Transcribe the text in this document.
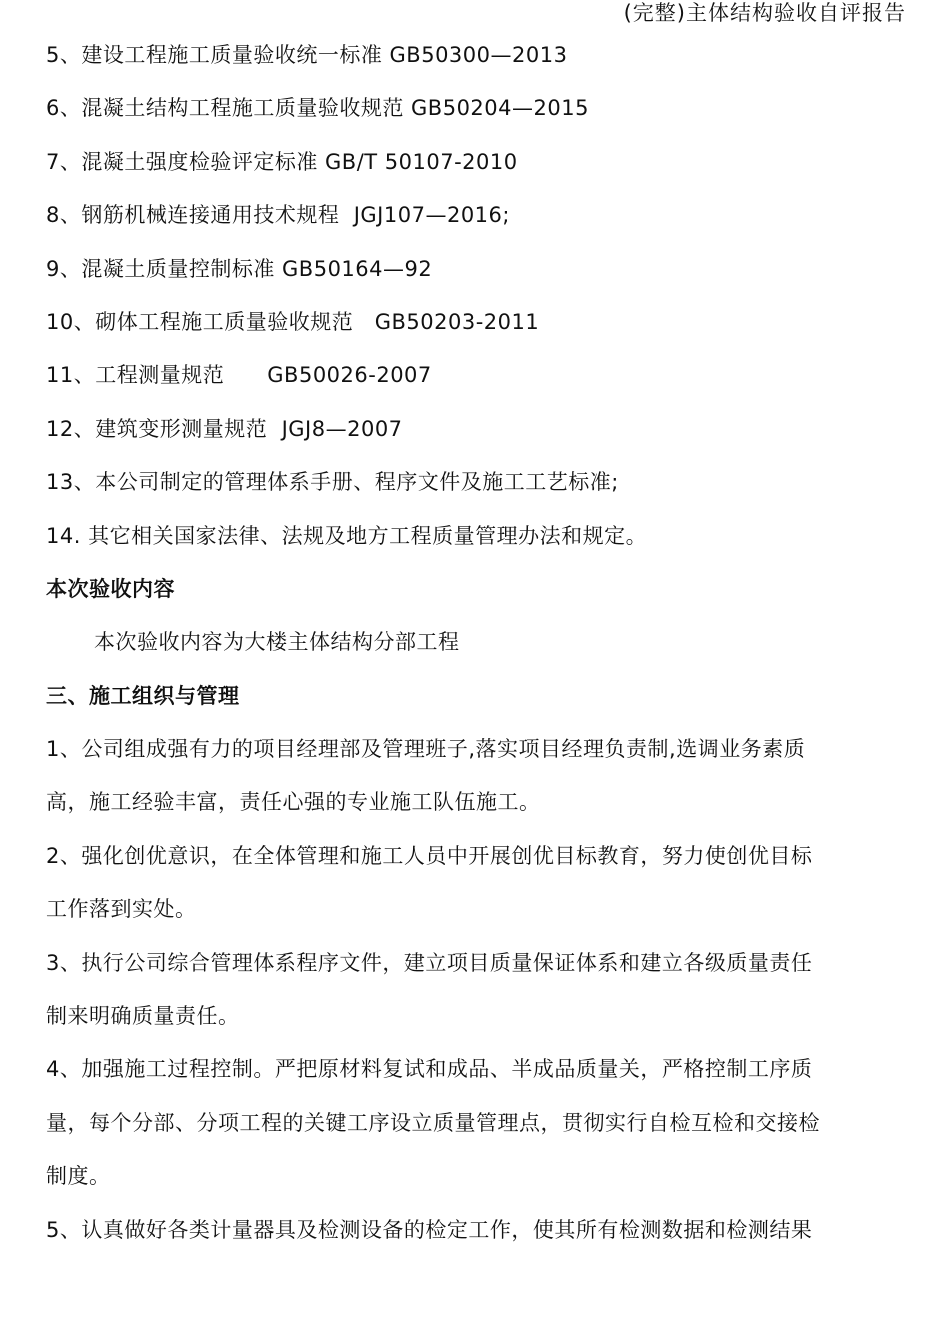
(完整)主体结构验收自评报告
5、建设工程施工质量验收统一标准 GB50300—2013
6、混凝土结构工程施工质量验收规范 GB50204—2015
7、混凝土强度检验评定标准 GB/T 50107-2010
8、钢筋机械连接通用技术规程  JGJ107—2016;
9、混凝土质量控制标准 GB50164—92
10、砌体工程施工质量验收规范   GB50203-2011
11、工程测量规范      GB50026-2007
12、建筑变形测量规范  JGJ8—2007
13、本公司制定的管理体系手册、程序文件及施工工艺标准;
14. 其它相关国家法律、法规及地方工程质量管理办法和规定。
本次验收内容
本次验收内容为大楼主体结构分部工程
三、施工组织与管理
1、公司组成强有力的项目经理部及管理班子,落实项目经理负责制,选调业务素质
高，施工经验丰富，责任心强的专业施工队伍施工。
2、强化创优意识，在全体管理和施工人员中开展创优目标教育，努力使创优目标
工作落到实处。
3、执行公司综合管理体系程序文件，建立项目质量保证体系和建立各级质量责任
制来明确质量责任。
4、加强施工过程控制。严把原材料复试和成品、半成品质量关，严格控制工序质
量，每个分部、分项工程的关键工序设立质量管理点，贯彻实行自检互检和交接检
制度。
5、认真做好各类计量器具及检测设备的检定工作，使其所有检测数据和检测结果
